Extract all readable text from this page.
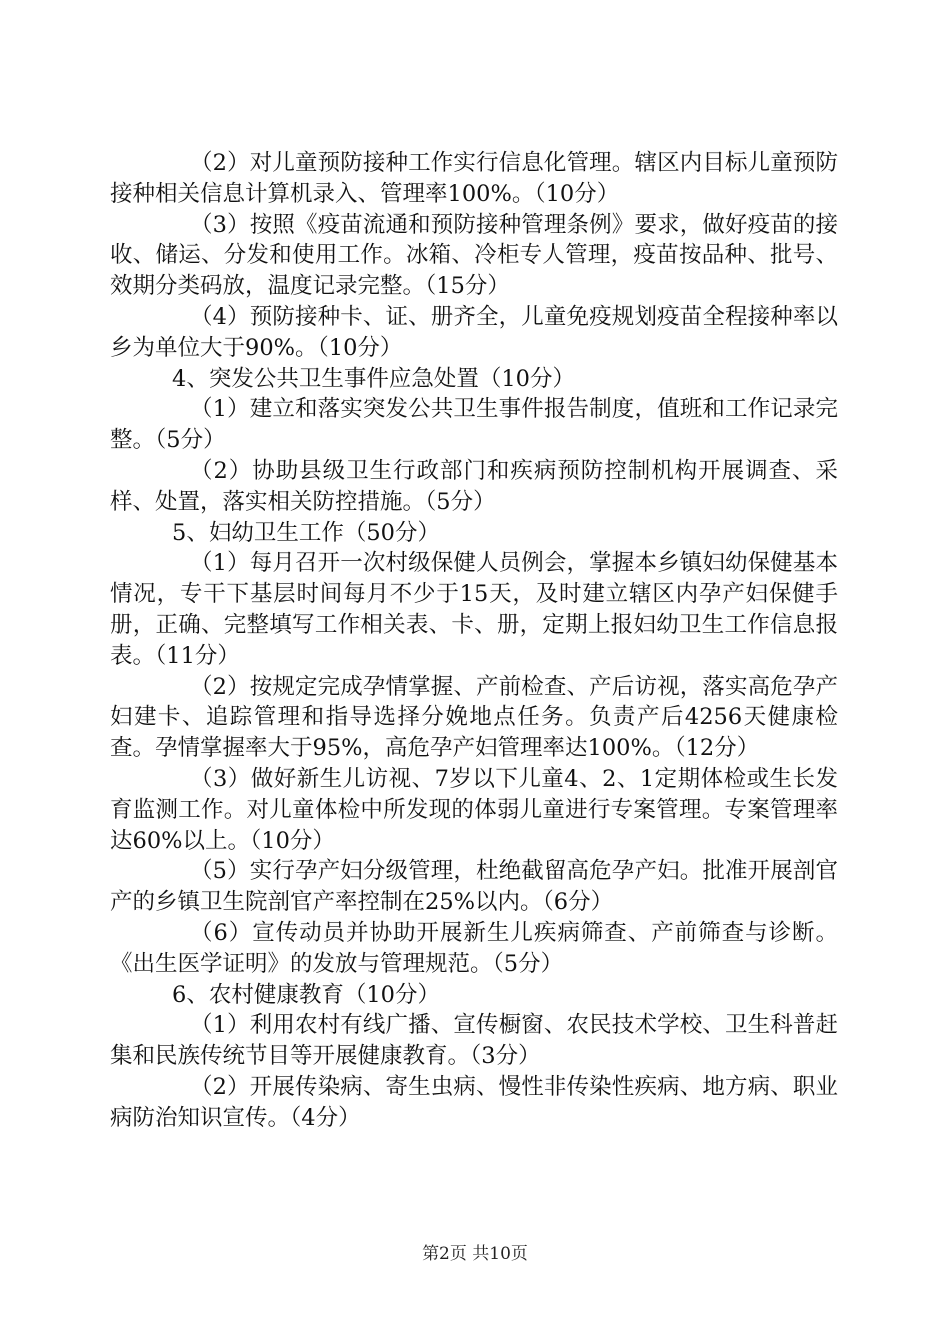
（2）对儿童预防接种工作实行信息化管理。辖区内目标儿童预防接种相关信息计算机录入、管理率100%。（10分）

（3）按照《疫苗流通和预防接种管理条例》要求，做好疫苗的接收、储运、分发和使用工作。冰箱、冷柜专人管理，疫苗按品种、批号、效期分类码放，温度记录完整。（15分）

（4）预防接种卡、证、册齐全，儿童免疫规划疫苗全程接种率以乡为单位大于90%。（10分）

4、突发公共卫生事件应急处置（10分）

（1）建立和落实突发公共卫生事件报告制度，值班和工作记录完整。（5分）

（2）协助县级卫生行政部门和疾病预防控制机构开展调查、采样、处置，落实相关防控措施。（5分）

5、妇幼卫生工作（50分）

（1）每月召开一次村级保健人员例会，掌握本乡镇妇幼保健基本情况，专干下基层时间每月不少于15天，及时建立辖区内孕产妇保健手册，正确、完整填写工作相关表、卡、册，定期上报妇幼卫生工作信息报表。（11分）

（2）按规定完成孕情掌握、产前检查、产后访视，落实高危孕产妇建卡、追踪管理和指导选择分娩地点任务。负责产后4256天健康检查。孕情掌握率大于95%，高危孕产妇管理率达100%。（12分）

（3）做好新生儿访视、7岁以下儿童4、2、1定期体检或生长发育监测工作。对儿童体检中所发现的体弱儿童进行专案管理。专案管理率达60%以上。（10分）

（5）实行孕产妇分级管理，杜绝截留高危孕产妇。批准开展剖官产的乡镇卫生院剖官产率控制在25%以内。（6分）

（6）宣传动员并协助开展新生儿疾病筛查、产前筛查与诊断。《出生医学证明》的发放与管理规范。（5分）

6、农村健康教育（10分）

（1）利用农村有线广播、宣传橱窗、农民技术学校、卫生科普赶集和民族传统节目等开展健康教育。（3分）

（2）开展传染病、寄生虫病、慢性非传染性疾病、地方病、职业病防治知识宣传。（4分）

第2页 共10页
